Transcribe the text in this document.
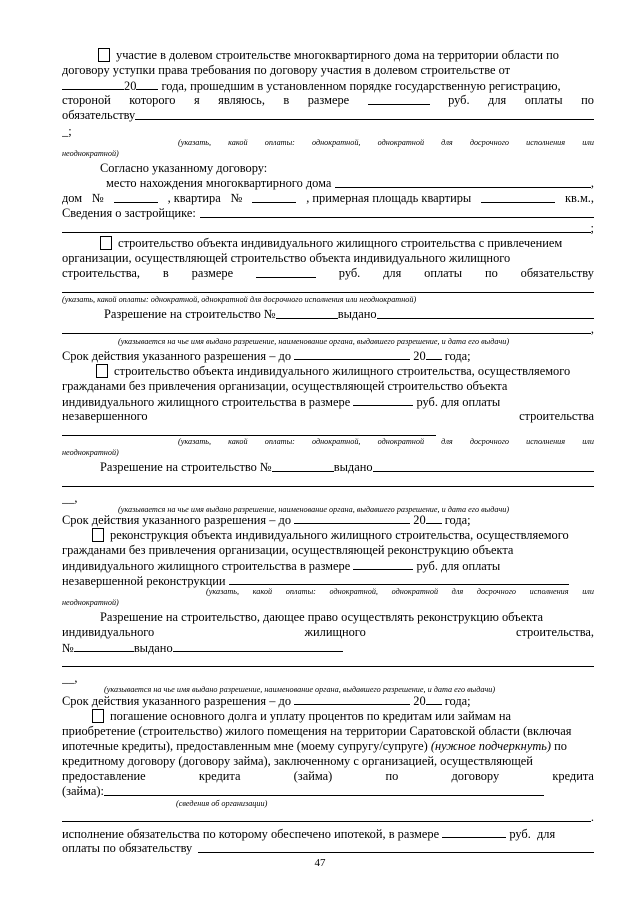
участие в долевом строительстве многоквартирного дома на территории области по
договору уступки права требования по договору участия в долевом строительстве от
20 года, прошедшим в установленном порядке государственную регистрацию,
стороной которого я являюсь, в размере	руб. для оплаты по
обязательству
_;
(указать, какой оплаты: однократной, однократной для досрочного исполнения или
неоднократной)
Согласно указанному договору:
место нахождения многоквартирного дома	,
дом №	, квартира №	, примерная площадь квартиры	кв.м.,
Сведения о застройщике:
;
строительство объекта индивидуального жилищного строительства с привлечением
организации, осуществляющей строительство объекта индивидуального жилищного
строительства, в размере	руб. для оплаты по обязательству
(указать, какой оплаты: однократной, однократной для досрочного исполнения или неоднократной)
Разрешение на строительство №	выдано
,
(указывается на чье имя выдано разрешение, наименование органа, выдавшего разрешение, и дата его выдачи)
Срок действия указанного разрешения – до	20 года;
строительство объекта индивидуального жилищного строительства, осуществляемого
гражданами без привлечения организации, осуществляющей строительство объекта
индивидуального жилищного строительства в размере	руб. для оплаты
незавершенного	строительства
(указать, какой оплаты: однократной, однократной для досрочного исполнения или
неоднократной)
Разрешение на строительство №	выдано
__,
(указывается на чье имя выдано разрешение, наименование органа, выдавшего разрешение, и дата его выдачи)
Срок действия указанного разрешения – до	20 года;
реконструкция объекта индивидуального жилищного строительства, осуществляемого
гражданами без привлечения организации, осуществляющей реконструкцию объекта
индивидуального жилищного строительства в размере	руб. для оплаты
незавершенной реконструкции
(указать, какой оплаты: однократной, однократной для досрочного исполнения или
неоднократной)
Разрешение на строительство, дающее право осуществлять реконструкцию объекта
индивидуального	жилищного	строительства,
№	выдано
__,
(указывается на чье имя выдано разрешение, наименование органа, выдавшего разрешение, и дата его выдачи)
Срок действия указанного разрешения – до	20 года;
погашение основного долга и уплату процентов по кредитам или займам на
приобретение (строительство) жилого помещения на территории Саратовской области (включая
ипотечные кредиты), предоставленным мне (моему супругу/супруге) (нужное подчеркнуть) по
кредитному договору (договору займа), заключенному с организацией, осуществляющей
предоставление	кредита	(займа)	по	договору	кредита
(займа):
(сведения об организации)
.
исполнение обязательства по которому обеспечено ипотекой, в размере	руб. для
оплаты по обязательству
47
